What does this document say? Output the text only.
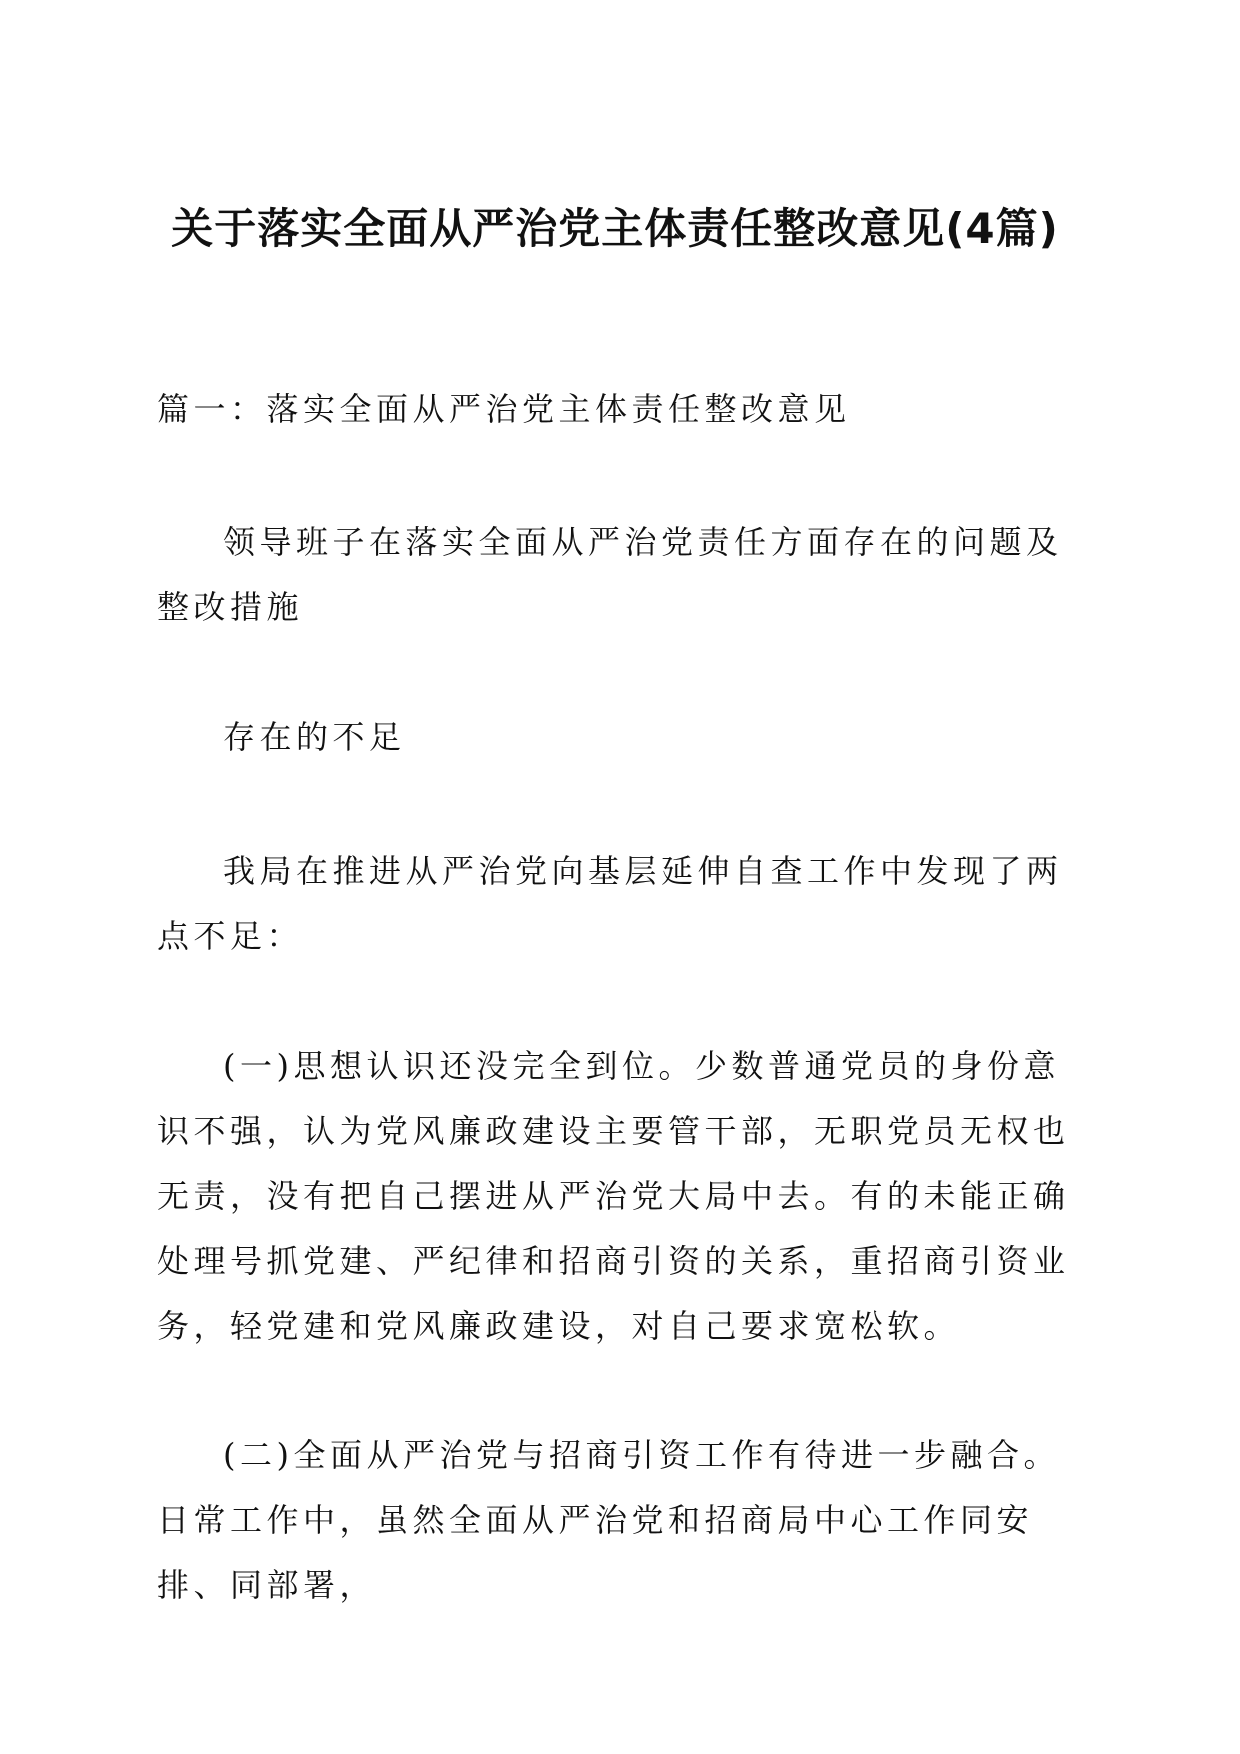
关于落实全面从严治党主体责任整改意见(4篇)
篇一：落实全面从严治党主体责任整改意见
领导班子在落实全面从严治党责任方面存在的问题及整改措施
存在的不足
我局在推进从严治党向基层延伸自查工作中发现了两点不足：
(一)思想认识还没完全到位。少数普通党员的身份意识不强，认为党风廉政建设主要管干部，无职党员无权也无责，没有把自己摆进从严治党大局中去。有的未能正确处理号抓党建、严纪律和招商引资的关系，重招商引资业务，轻党建和党风廉政建设，对自己要求宽松软。
(二)全面从严治党与招商引资工作有待进一步融合。日常工作中，虽然全面从严治党和招商局中心工作同安排、同部署，
